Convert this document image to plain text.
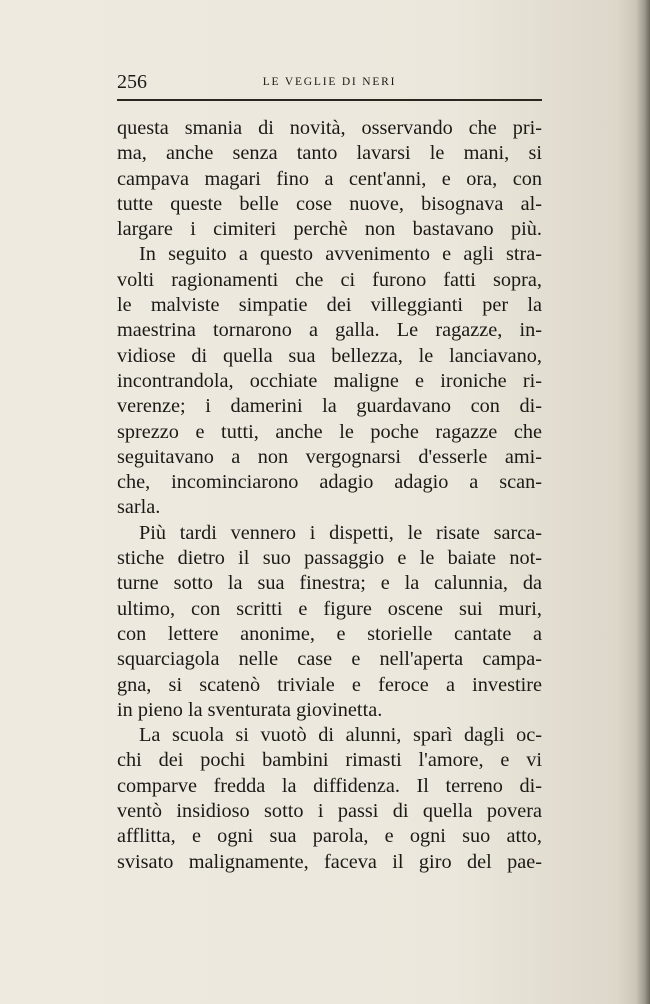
256	LE VEGLIE DI NERI
questa smania di novità, osservando che pri-
ma, anche senza tanto lavarsi le mani, si
campava magari fino a cent'anni, e ora, con
tutte queste belle cose nuove, bisognava al-
largare i cimiteri perchè non bastavano più.
In seguito a questo avvenimento e agli stra-
volti ragionamenti che ci furono fatti sopra,
le malviste simpatie dei villeggianti per la
maestrina tornarono a galla. Le ragazze, in-
vidiose di quella sua bellezza, le lanciavano,
incontrandola, occhiate maligne e ironiche ri-
verenze; i damerini la guardavano con di-
sprezzo e tutti, anche le poche ragazze che
seguitavano a non vergognarsi d'esserle ami-
che, incominciarono adagio adagio a scan-
sarla.
Più tardi vennero i dispetti, le risate sarca-
stiche dietro il suo passaggio e le baiate not-
turne sotto la sua finestra; e la calunnia, da
ultimo, con scritti e figure oscene sui muri,
con lettere anonime, e storielle cantate a
squarciagola nelle case e nell'aperta campa-
gna, si scatenò triviale e feroce a investire
in pieno la sventurata giovinetta.
La scuola si vuotò di alunni, sparì dagli oc-
chi dei pochi bambini rimasti l'amore, e vi
comparve fredda la diffidenza. Il terreno di-
ventò insidioso sotto i passi di quella povera
afflitta, e ogni sua parola, e ogni suo atto,
svisato malignamente, faceva il giro del pae-
